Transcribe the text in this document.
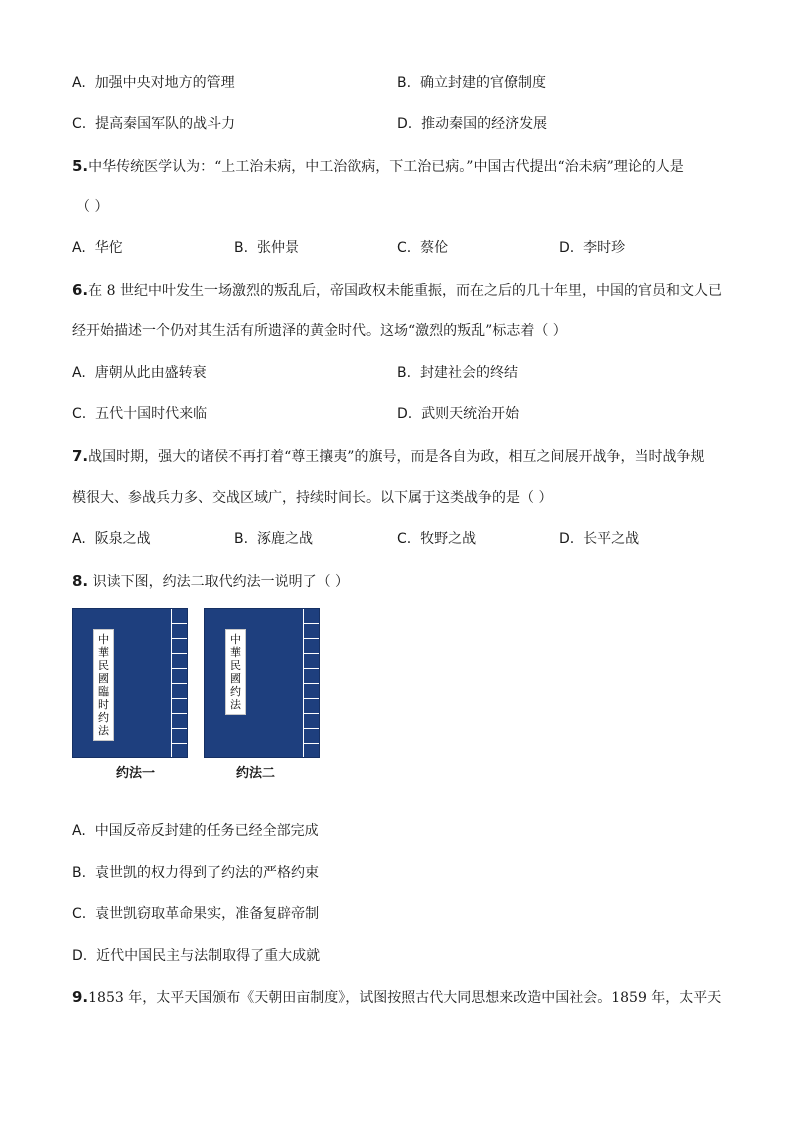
A. 加强中央对地方的管理	B. 确立封建的官僚制度
C. 提高秦国军队的战斗力	D. 推动秦国的经济发展
5.中华传统医学认为：“上工治未病，中工治欲病，下工治已病。”中国古代提出“治未病”理论的人是
（ ）
A. 华佗	B. 张仲景	C. 蔡伦	D. 李时珍
6.在 8 世纪中叶发生一场激烈的叛乱后，帝国政权未能重振，而在之后的几十年里，中国的官员和文人已
经开始描述一个仍对其生活有所遗泽的黄金时代。这场“激烈的叛乱”标志着（ ）
A. 唐朝从此由盛转衰	B. 封建社会的终结
C. 五代十国时代来临	D. 武则天统治开始
7.战国时期，强大的诸侯不再打着“尊王攘夷”的旗号，而是各自为政，相互之间展开战争，当时战争规
模很大、参战兵力多、交战区域广，持续时间长。以下属于这类战争的是（ ）
A. 阪泉之战	B. 涿鹿之战	C. 牧野之战	D. 长平之战
8. 识读下图，约法二取代约法一说明了（ ）
中華民國臨时约法
约法一
中華民國约法
约法二
A. 中国反帝反封建的任务已经全部完成
B. 袁世凯的权力得到了约法的严格约束
C. 袁世凯窃取革命果实，准备复辟帝制
D. 近代中国民主与法制取得了重大成就
9.1853 年，太平天国颁布《天朝田亩制度》，试图按照古代大同思想来改造中国社会。1859 年，太平天
